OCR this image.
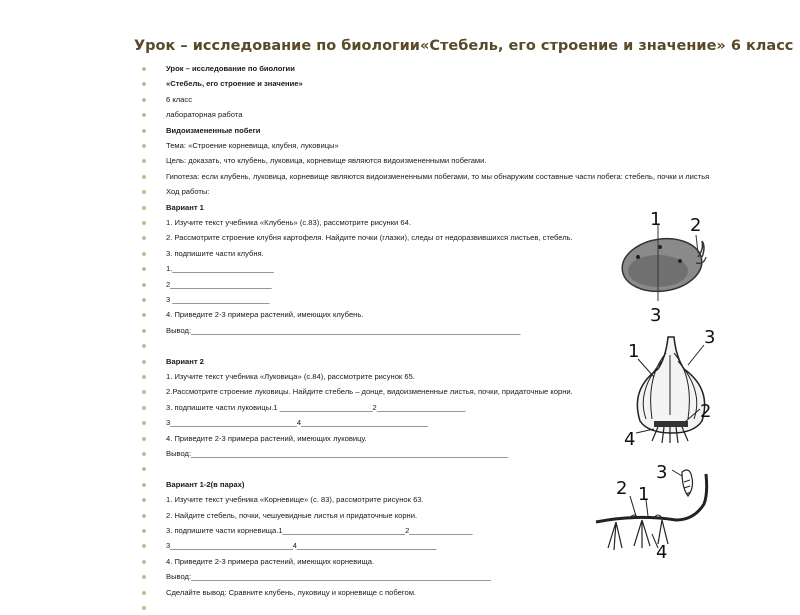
Урок – исследование по биологии«Стебель, его строение и значение» 6 класс
Урок – исследование по биологии
«Стебель, его строение и значение»
6 класс
лабораторная работа
Видоизмененные побеги
Тема: «Строение корневища, клубня, луковицы»
Цель: доказать, что клубень, луковица, корневище являются видоизмененными побегами.
Гипотеза: если клубень, луковица, корневище являются видоизмененными побегами, то мы обнаружим составные части побега: стебель, почки и листья
Ход работы:
Вариант 1
1. Изучите текст учебника «Клубень» (с.83), рассмотрите рисунки 64.
2. Рассмотрите строение клубня картофеля. Найдите почки (глазки), следы от недоразвившихся листьев, стебель.
3. подпишите части клубня.
1.________________________
2________________________
3 _______________________
4. Приведите 2-3 примера растений, имеющих клубень.
Вывод:______________________________________________________________________________
Вариант 2
1. Изучите текст учебника «Луковица» (с.84), рассмотрите рисунок 65.
2.Рассмотрите строение луковицы. Найдите стебель – донце, видоизмененные листья, почки, придаточные корни.
3. подпишите части луковицы.1 ______________________2_____________________
3______________________________4______________________________
4. Приведите 2-3 примера растений, имеющих луковицу.
Вывод:___________________________________________________________________________
Вариант 1-2(в парах)
1. Изучите текст учебника «Корневище» (с. 83), рассмотрите рисунок 63.
2. Найдите стебель, почки, чешуевидные листья и придаточные корни.
3. подпишите части корневища.1_____________________________2_______________
3_____________________________4_________________________________
4. Приведите 2-3 примера растений, имеющих корневища.
Вывод:_______________________________________________________________________
Сделайте вывод: Сравните клубень, луковицу и корневище с побегом.
1 2
3
1
2
3
4
1
2
3
4
